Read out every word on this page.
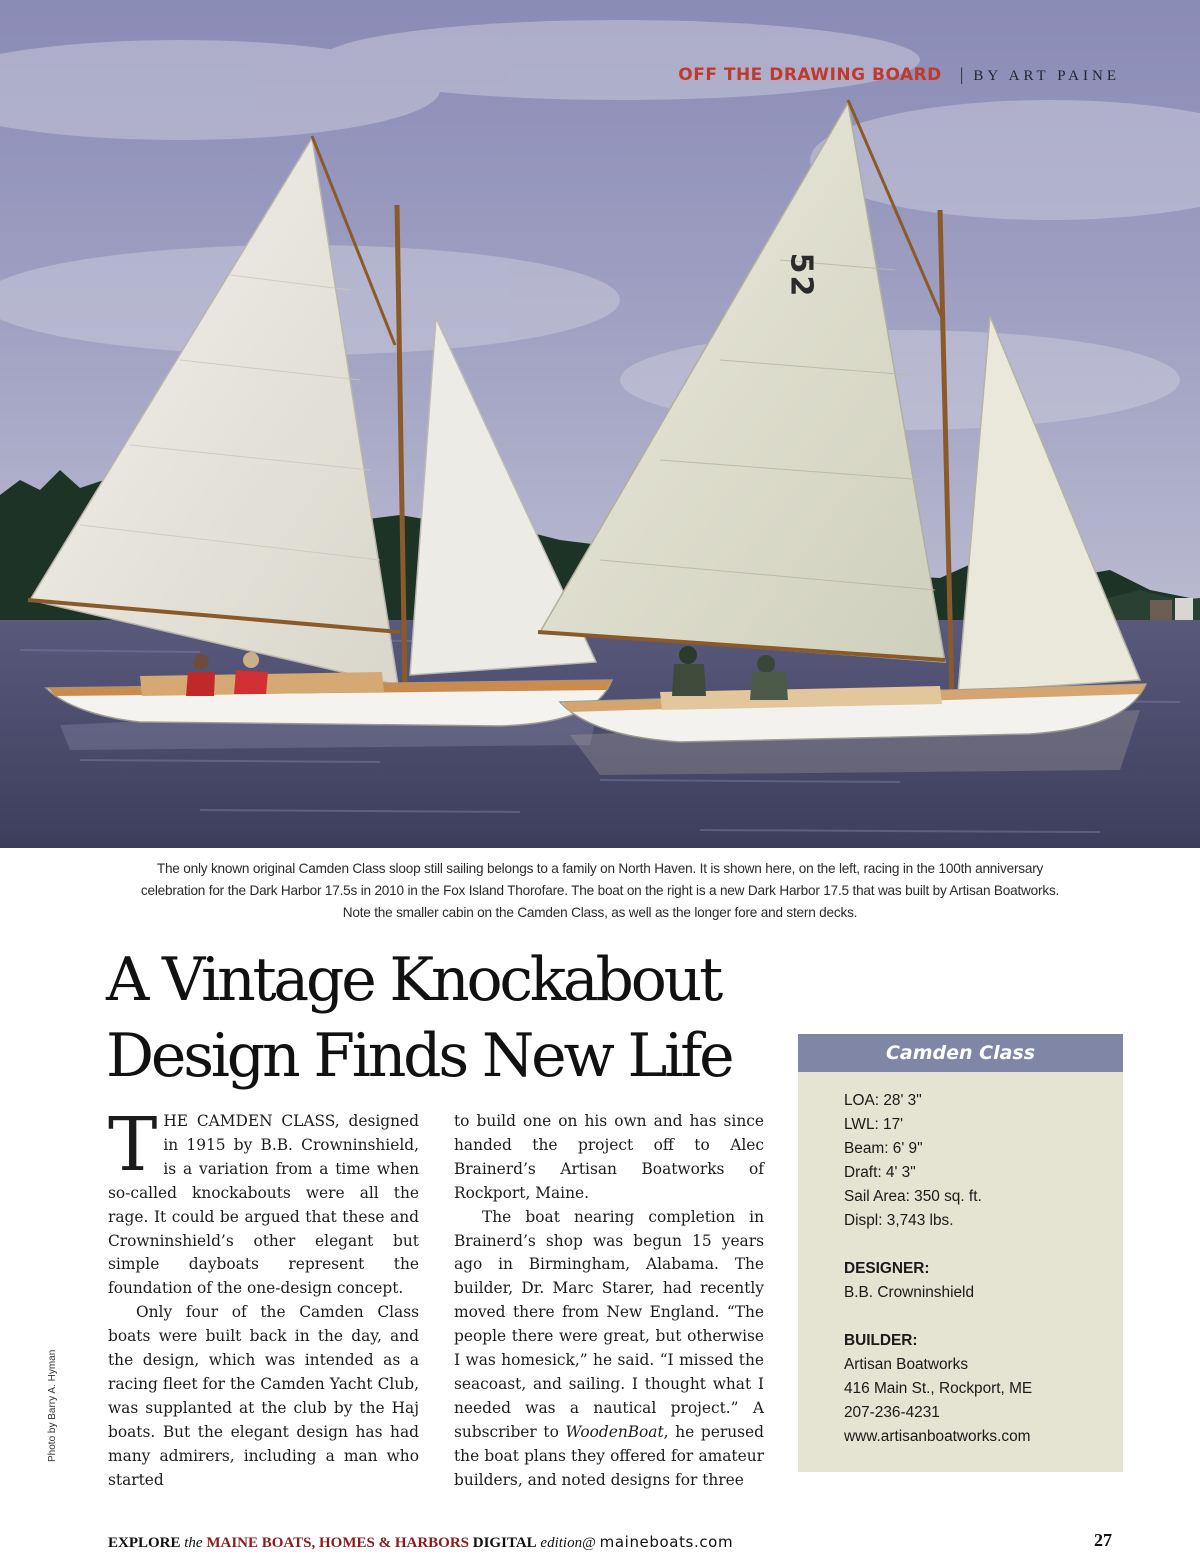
52
OFF THE DRAWING BOARD | BY ART PAINE
The only known original Camden Class sloop still sailing belongs to a family on North Haven. It is shown here, on the left, racing in the 100th anniversary
celebration for the Dark Harbor 17.5s in 2010 in the Fox Island Thorofare. The boat on the right is a new Dark Harbor 17.5 that was built by Artisan Boatworks.
Note the smaller cabin on the Camden Class, as well as the longer fore and stern decks.
A Vintage Knockabout
Design Finds New Life

THE CAMDEN CLASS, designed in 1915 by B.B. Crowninshield, is a variation from a time when so-called knockabouts were all the rage. It could be argued that these and Crowninshield’s other elegant but simple dayboats represent the foundation of the one-design concept.

Only four of the Camden Class boats were built back in the day, and the design, which was intended as a racing fleet for the Camden Yacht Club, was supplanted at the club by the Haj boats. But the elegant design has had many admirers, including a man who started

to build one on his own and has since handed the project off to Alec Brainerd’s Artisan Boatworks of Rockport, Maine.

The boat nearing completion in Brainerd’s shop was begun 15 years ago in Birmingham, Alabama. The builder, Dr. Marc Starer, had recently moved there from New England. “The people there were great, but otherwise I was homesick,” he said. “I missed the seacoast, and sailing. I thought what I needed was a nautical project.” A subscriber to WoodenBoat, he perused the boat plans they offered for amateur builders, and noted designs for three

Camden Class
LOA: 28' 3"
LWL: 17'
Beam: 6' 9"
Draft: 4' 3"
Sail Area: 350 sq. ft.
Displ: 3,743 lbs.
DESIGNER:
B.B. Crowninshield
BUILDER:
Artisan Boatworks
416 Main St., Rockport, ME
207-236-4231
www.artisanboatworks.com
Photo by Barry A. Hyman
EXPLORE the MAINE BOATS, HOMES & HARBORS DIGITAL edition@ maineboats.com	27
